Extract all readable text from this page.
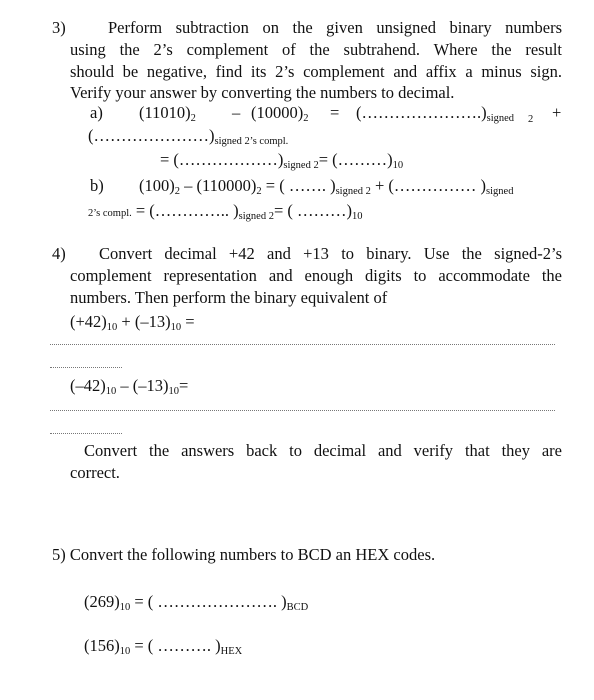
3)	Perform subtraction on the given unsigned binary numbers
using the 2’s complement of the subtrahend. Where the result
should be negative, find its 2’s complement and affix a minus sign.
Verify your answer by converting the numbers to decimal.
a) $(11010)_2 - (10000)_2$ = $(\dots\dots\dots\dots\dots\dots\dots.)_{signed}$ 2 +
$(\dots\dots\dots\dots\dots\dots\dots)_{signed 2’s compl.}$
= $(\dots\dots\dots\dots\dots\dots)_{signed 2}=$ $(\dots\dots\dots)_{10}$
b) $(100)_2 - (110000)_2$ = ( ……. )$_{signed 2}$ + (…………… )$_{signed}$
2’s compl. = (………….. )$_{signed 2}=$ ( $\dots\dots\dots)_{10}$
4) Convert decimal +42 and +13 to binary. Use the signed-2’s
complement representation and enough digits to accommodate the
numbers. Then perform the binary equivalent of
$(+42)_{10} + (-13)_{10}$ =
$(-42)_{10} - (-13)_{10}=$
Convert the answers back to decimal and verify that they are
correct.
5) Convert the following numbers to BCD an HEX codes.
$(269)_{10}$ = ( …………………. )$_{BCD}$
$(156)_{10}$ = ( ………. )$_{HEX}$
